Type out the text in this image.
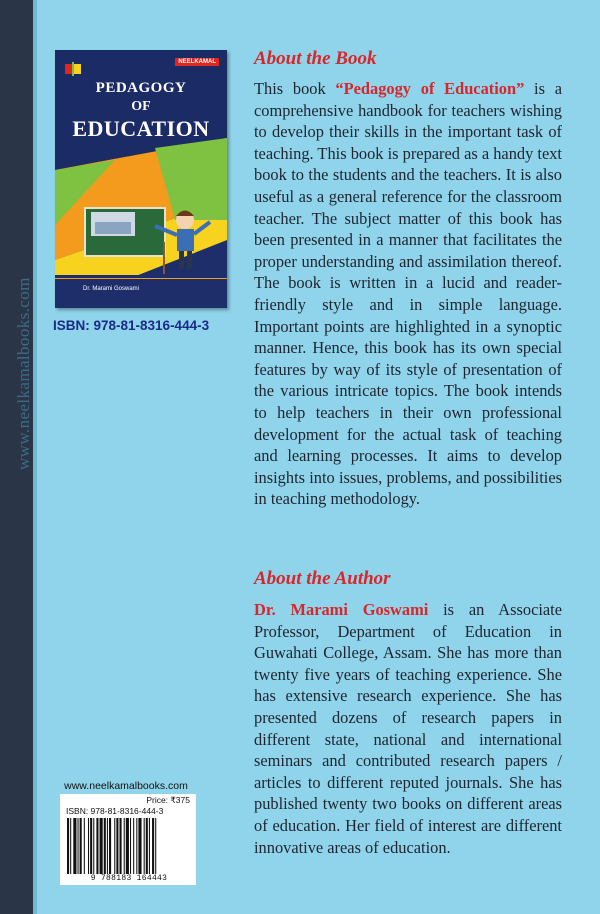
www.neelkamalbooks.com
NEELKAMAL
PEDAGOGY
OF
EDUCATION
Dr. Marami Goswami
ISBN: 978-81-8316-444-3
About the Book
This book “Pedagogy of Education” is a comprehensive handbook for teachers wishing to develop their skills in the important task of teaching. This book is prepared as a handy text book to the students and the teachers. It is also useful as a general reference for the classroom teacher. The subject matter of this book has been presented in a manner that facilitates the proper understanding and assimilation thereof. The book is written in a lucid and reader-friendly style and in simple language. Important points are highlighted in a synoptic manner. Hence, this book has its own special features by way of its style of presentation of the various intricate topics. The book intends to help teachers in their own professional development for the actual task of teaching and learning processes. It aims to develop insights into issues, problems, and possibilities in teaching methodology.
About the Author
Dr. Marami Goswami is an Associate Professor, Department of Education in Guwahati College, Assam. She has more than twenty five years of teaching experience. She has extensive research experience. She has presented dozens of research papers in different state, national and international seminars and contributed research papers / articles to different reputed journals. She has published twenty two books on different areas of education. Her field of interest are different innovative areas of education.
www.neelkamalbooks.com
Price: ₹375
ISBN: 978-81-8316-444-3
9 788183 164443
